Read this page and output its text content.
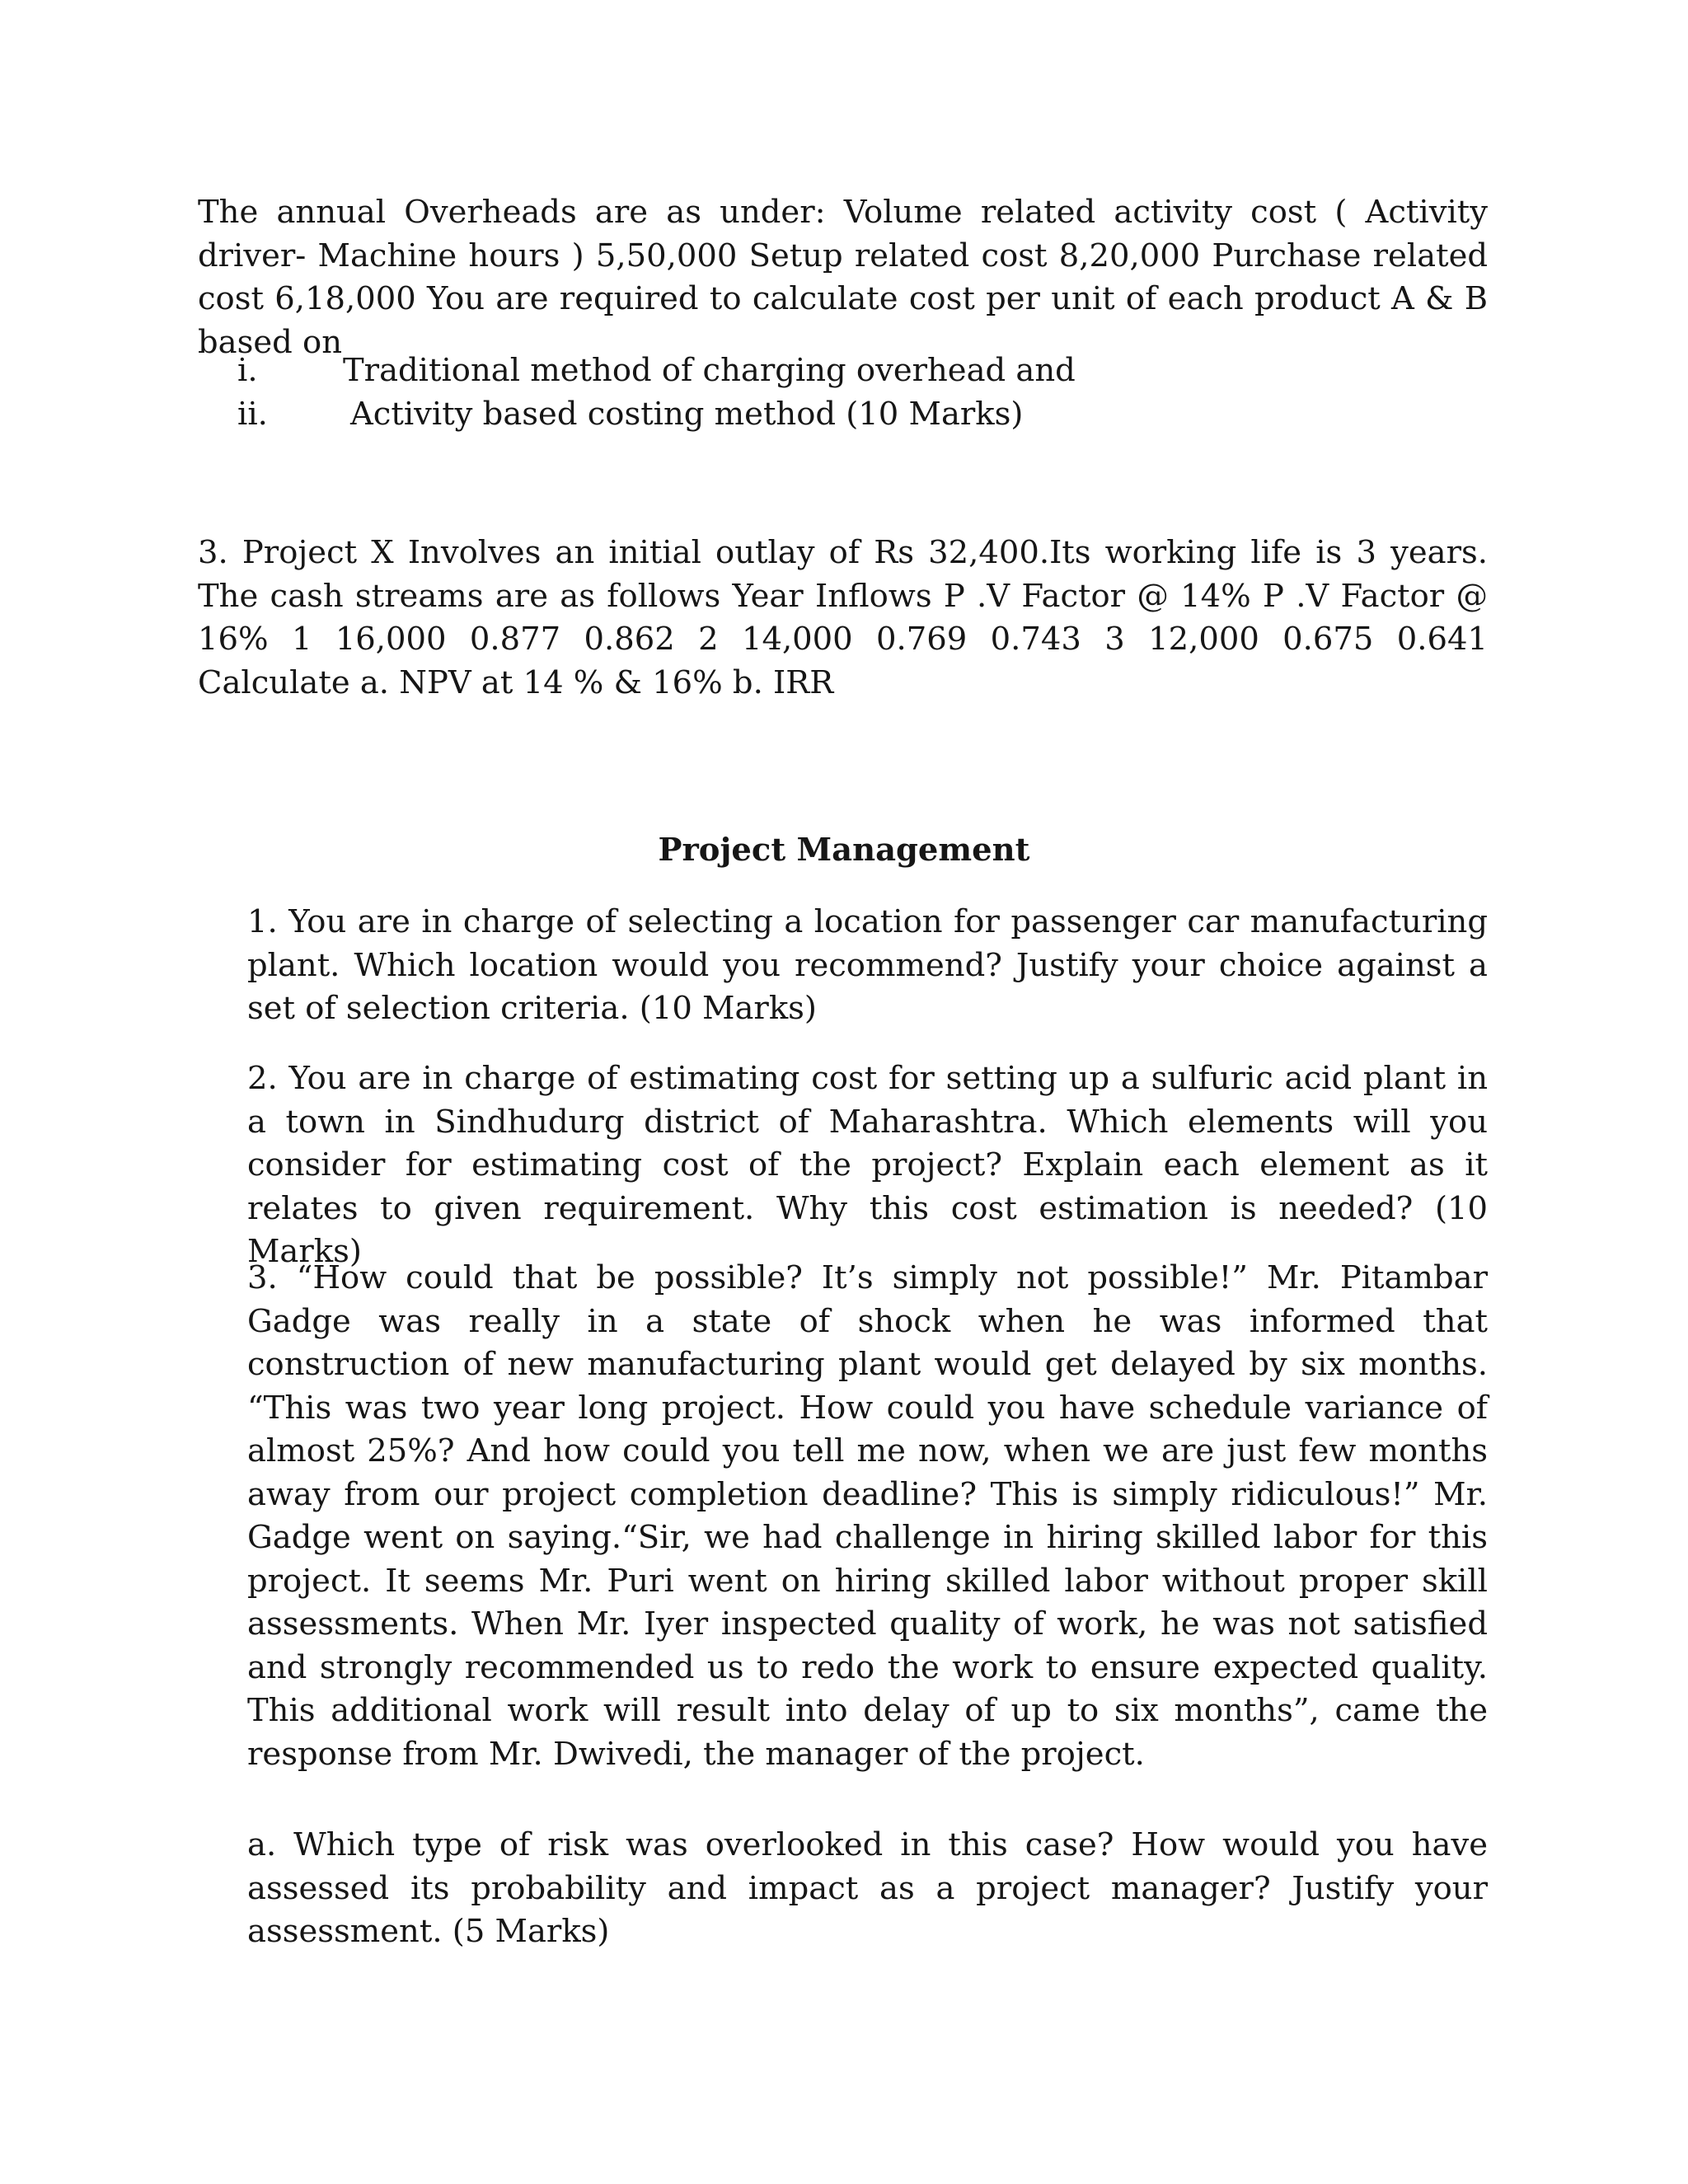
The annual Overheads are as under: Volume related activity cost ( Activity driver- Machine hours ) 5,50,000 Setup related cost 8,20,000 Purchase related cost 6,18,000 You are required to calculate cost per unit of each product A & B based on

i.	Traditional method of charging overhead and
ii.	Activity based costing method (10 Marks)

3. Project X Involves an initial outlay of Rs 32,400.Its working life is 3 years. The cash streams are as follows Year Inflows P .V Factor @ 14% P .V Factor @ 16% 1 16,000 0.877 0.862 2 14,000 0.769 0.743 3 12,000 0.675 0.641 Calculate a. NPV at 14 % & 16% b. IRR

Project Management

1. You are in charge of selecting a location for passenger car manufacturing plant. Which location would you recommend? Justify your choice against a set of selection criteria. (10 Marks)

2. You are in charge of estimating cost for setting up a sulfuric acid plant in a town in Sindhudurg district of Maharashtra. Which elements will you consider for estimating cost of the project? Explain each element as it relates to given requirement. Why this cost estimation is needed? (10 Marks)

3. “How could that be possible? It’s simply not possible!” Mr. Pitambar Gadge was really in a state of shock when he was informed that construction of new manufacturing plant would get delayed by six months. “This was two year long project. How could you have schedule variance of almost 25%? And how could you tell me now, when we are just few months away from our project completion deadline? This is simply ridiculous!” Mr. Gadge went on saying.“Sir, we had challenge in hiring skilled labor for this project. It seems Mr. Puri went on hiring skilled labor without proper skill assessments. When Mr. Iyer inspected quality of work, he was not satisfied and strongly recommended us to redo the work to ensure expected quality. This additional work will result into delay of up to six months”, came the response from Mr. Dwivedi, the manager of the project.

a. Which type of risk was overlooked in this case? How would you have assessed its probability and impact as a project manager? Justify your assessment. (5 Marks)
